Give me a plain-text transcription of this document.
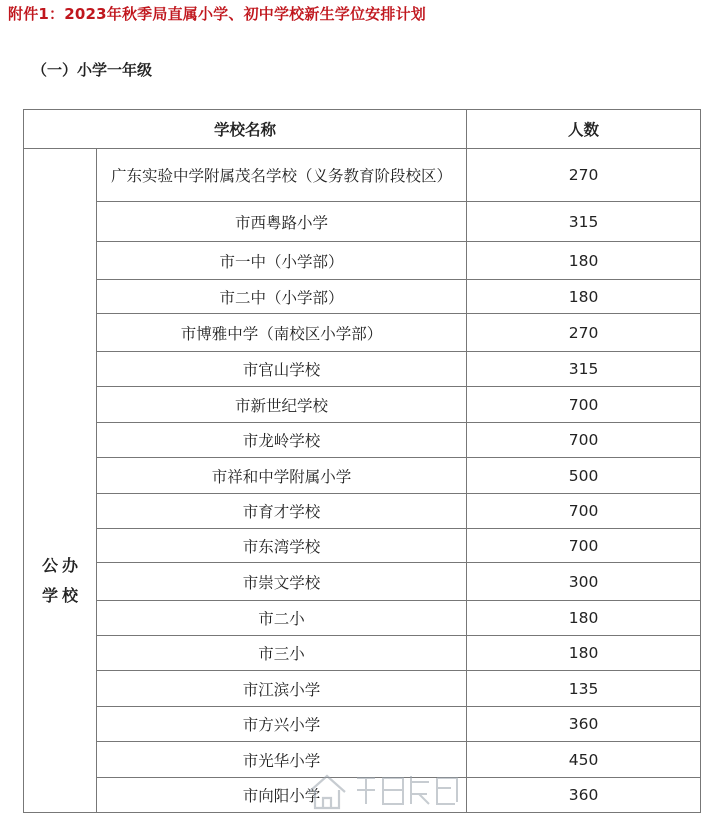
附件1：2023年秋季局直属小学、初中学校新生学位安排计划
（一）小学一年级
学校名称		人数

公办学校	广东实验中学附属茂名学校（义务教育阶段校区）	270
	市西粤路小学	315
	市一中（小学部）	180
	市二中（小学部）	180
	市博雅中学（南校区小学部）	270
	市官山学校	315
	市新世纪学校	700
	市龙岭学校	700
	市祥和中学附属小学	500
	市育才学校	700
	市东湾学校	700
	市崇文学校	300
	市二小	180
	市三小	180
	市江滨小学	135
	市方兴小学	360
	市光华小学	450
	市向阳小学	360
